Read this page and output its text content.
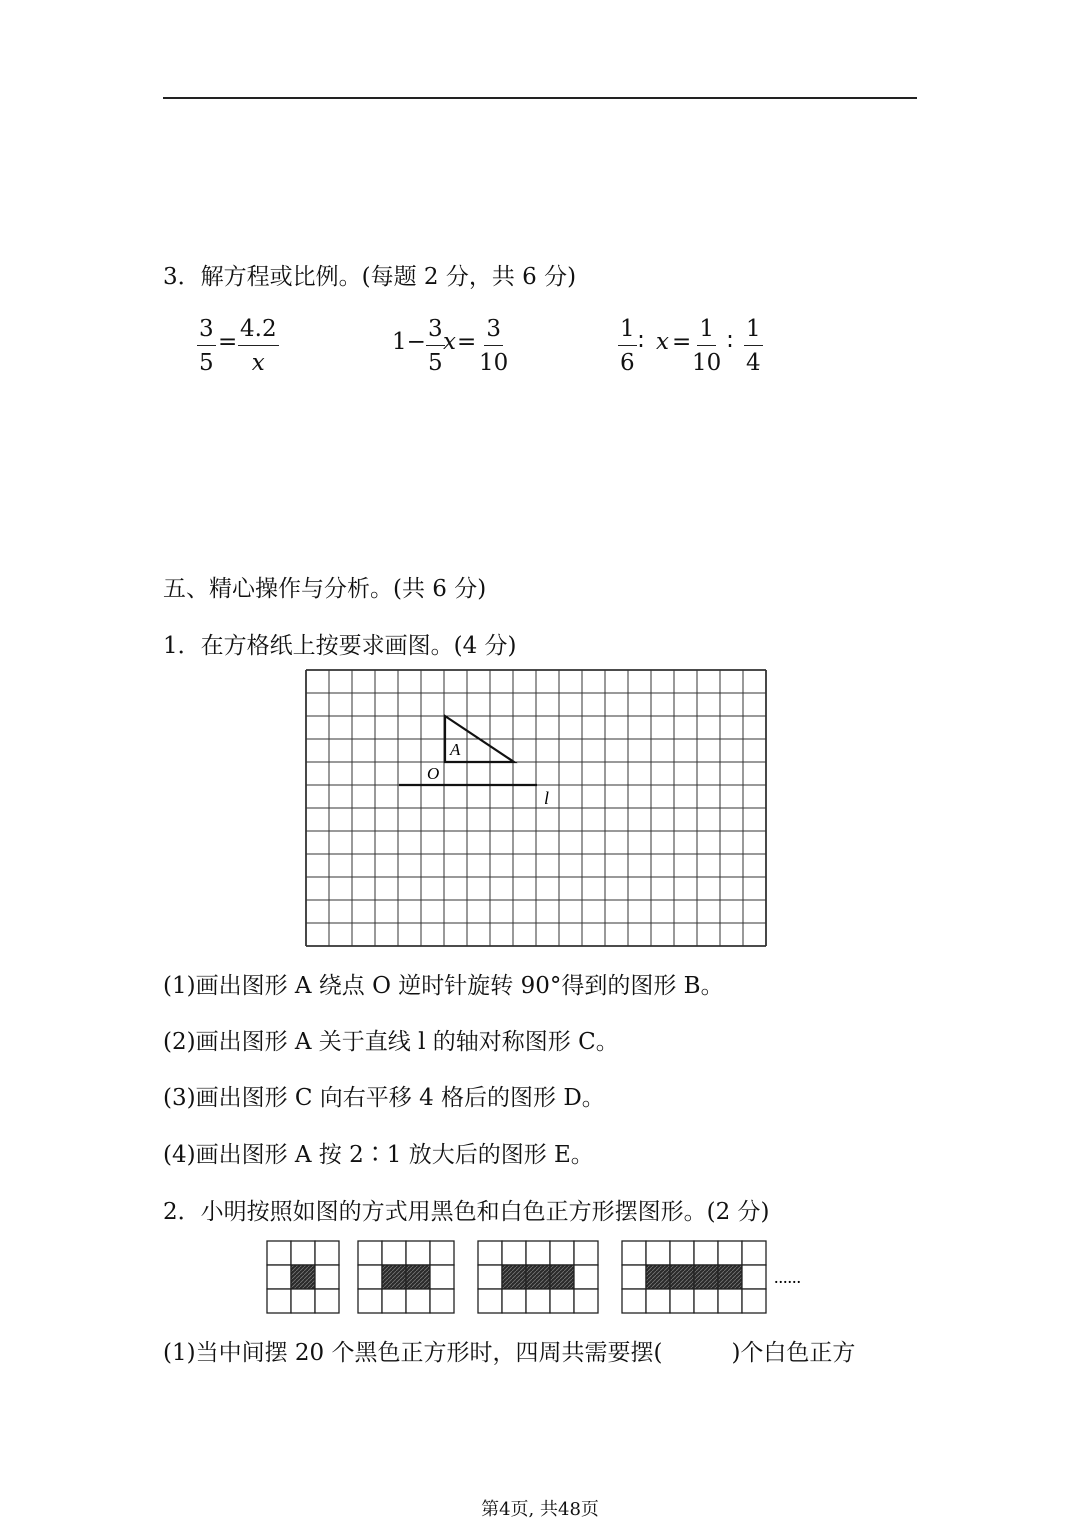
3．解方程或比例。(每题 2 分，共 6 分)
$\frac{3}{5} = \frac{4.2}{x}$	$1- \frac{3}{5}$
$x = \frac{3}{10}$	$\frac{1}{6}$ ∶ $x = \frac{1}{10}$ ∶ $\frac{1}{4}$
五、精心操作与分析。(共 6 分)
1．在方格纸上按要求画图。(4 分)
A
O
l
(1)画出图形 A 绕点 O 逆时针旋转 90°得到的图形 B。
(2)画出图形 A 关于直线 l 的轴对称图形 C。
(3)画出图形 C 向右平移 4 格后的图形 D。
(4)画出图形 A 按 2∶1 放大后的图形 E。
2．小明按照如图的方式用黑色和白色正方形摆图形。(2 分)
......
(1)当中间摆 20 个黑色正方形时，四周共需要摆(　　　)个白色正方
第4页, 共48页
